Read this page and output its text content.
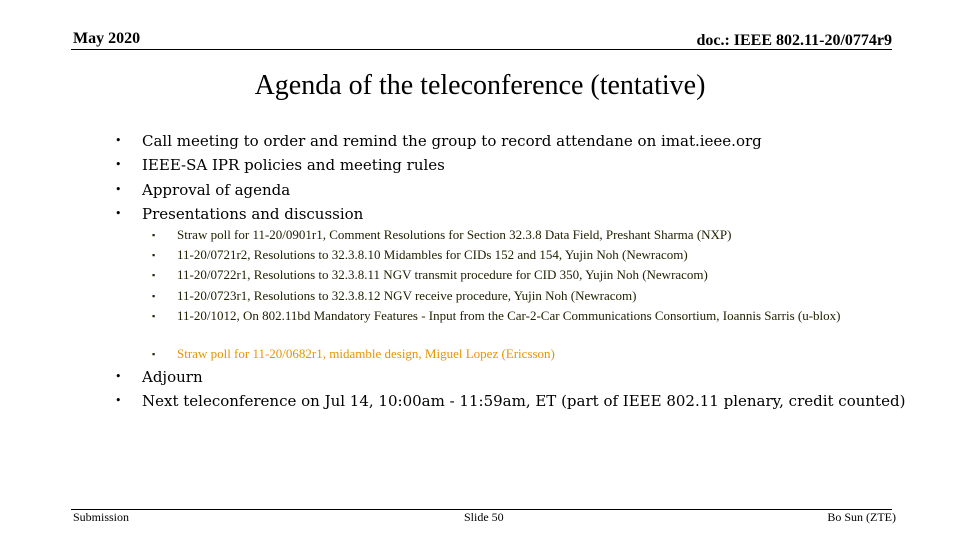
May 2020	doc.: IEEE 802.11-20/0774r9
Agenda of the teleconference (tentative)
• Call meeting to order and remind the group to record attendane on imat.ieee.org
• IEEE-SA IPR policies and meeting rules
• Approval of agenda
• Presentations and discussion
▪ Straw poll for 11-20/0901r1, Comment Resolutions for Section 32.3.8 Data Field, Preshant Sharma (NXP)
▪ 11-20/0721r2, Resolutions to 32.3.8.10 Midambles for CIDs 152 and 154, Yujin Noh (Newracom)
▪ 11-20/0722r1, Resolutions to 32.3.8.11 NGV transmit procedure for CID 350, Yujin Noh (Newracom)
▪ 11-20/0723r1, Resolutions to 32.3.8.12 NGV receive procedure, Yujin Noh (Newracom)
▪ 11-20/1012, On 802.11bd Mandatory Features - Input from the Car-2-Car Communications Consortium, Ioannis Sarris (u-blox)
▪ Straw poll for 11-20/0682r1, midamble design, Miguel Lopez (Ericsson)
• Adjourn
• Next teleconference on Jul 14, 10:00am - 11:59am, ET (part of IEEE 802.11 plenary, credit counted)
Submission	Slide 50	Bo Sun (ZTE)
